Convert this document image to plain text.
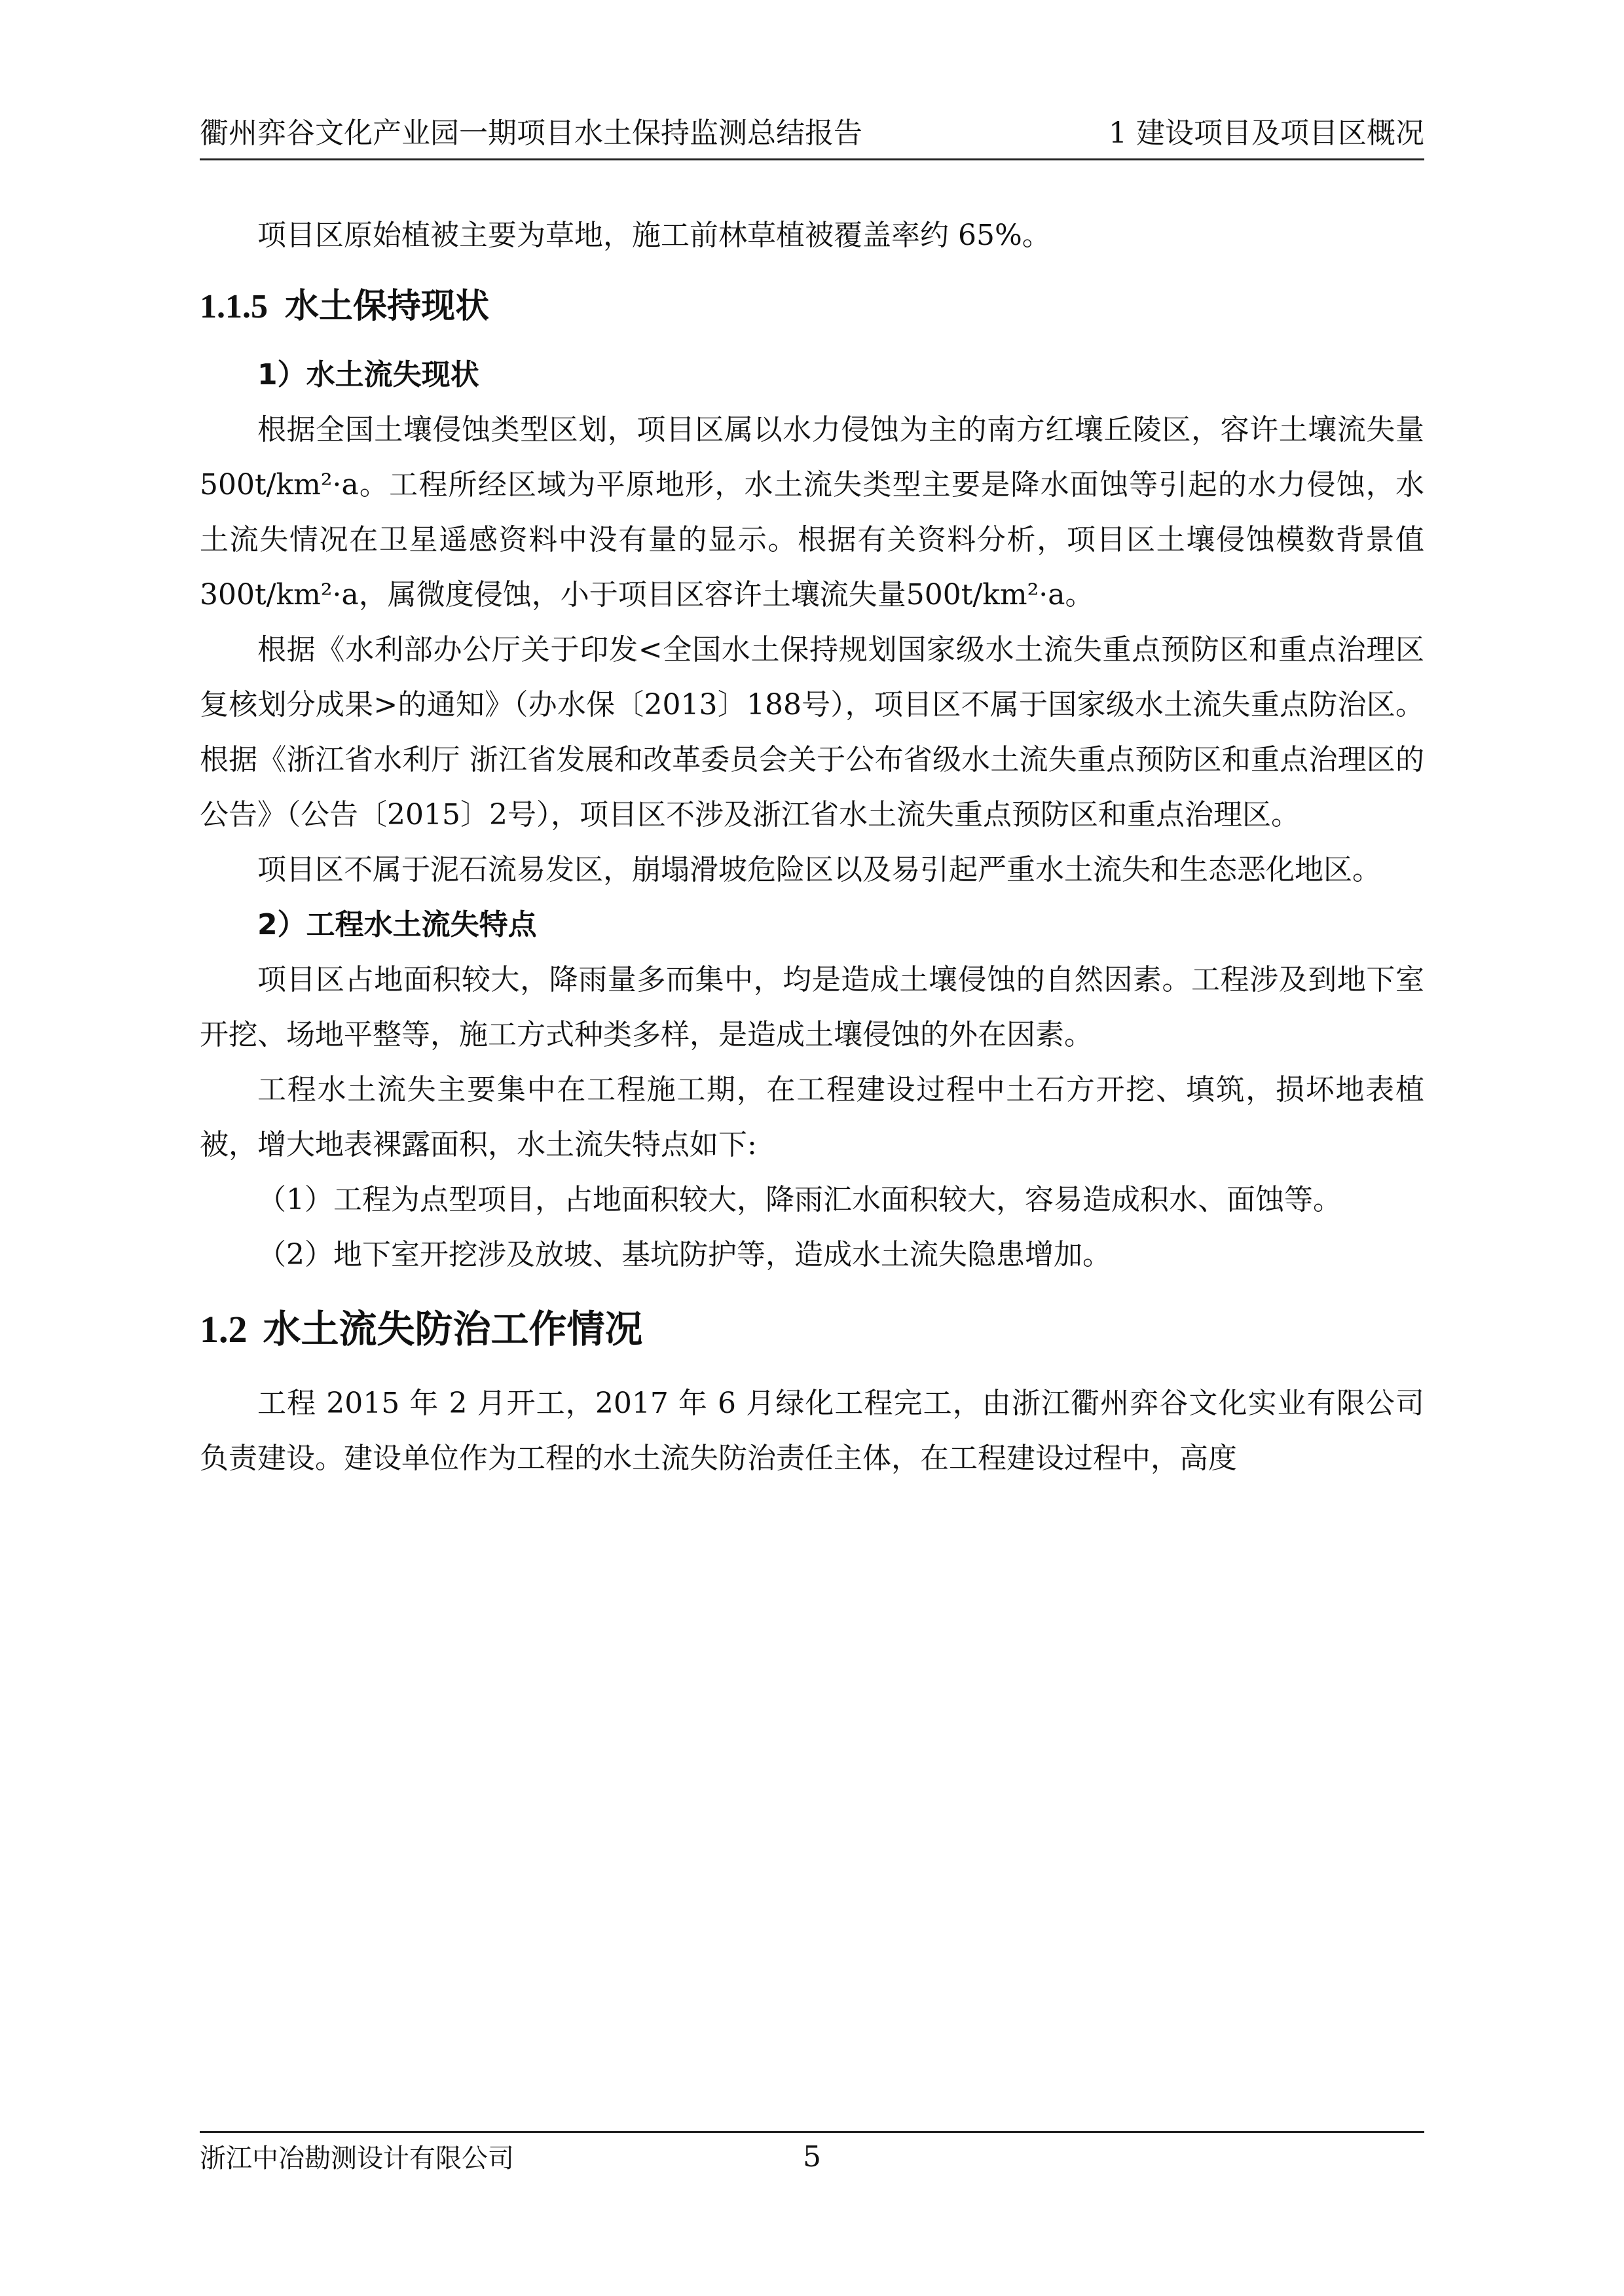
衢州弈谷文化产业园一期项目水土保持监测总结报告	1 建设项目及项目区概况

项目区原始植被主要为草地，施工前林草植被覆盖率约 65%。

1.1.5 水土保持现状

1）水土流失现状

根据全国土壤侵蚀类型区划，项目区属以水力侵蚀为主的南方红壤丘陵区，容许土壤流失量500t/km²·a。工程所经区域为平原地形，水土流失类型主要是降水面蚀等引起的水力侵蚀，水土流失情况在卫星遥感资料中没有量的显示。根据有关资料分析，项目区土壤侵蚀模数背景值300t/km²·a，属微度侵蚀，小于项目区容许土壤流失量500t/km²·a。

根据《水利部办公厅关于印发<全国水土保持规划国家级水土流失重点预防区和重点治理区复核划分成果>的通知》（办水保〔2013〕188号），项目区不属于国家级水土流失重点防治区。根据《浙江省水利厅 浙江省发展和改革委员会关于公布省级水土流失重点预防区和重点治理区的公告》（公告〔2015〕2号），项目区不涉及浙江省水土流失重点预防区和重点治理区。

项目区不属于泥石流易发区，崩塌滑坡危险区以及易引起严重水土流失和生态恶化地区。

2）工程水土流失特点

项目区占地面积较大，降雨量多而集中，均是造成土壤侵蚀的自然因素。工程涉及到地下室开挖、场地平整等，施工方式种类多样，是造成土壤侵蚀的外在因素。

工程水土流失主要集中在工程施工期，在工程建设过程中土石方开挖、填筑，损坏地表植被，增大地表裸露面积，水土流失特点如下:

（1）工程为点型项目，占地面积较大，降雨汇水面积较大，容易造成积水、面蚀等。

（2）地下室开挖涉及放坡、基坑防护等，造成水土流失隐患增加。

1.2 水土流失防治工作情况

工程 2015 年 2 月开工，2017 年 6 月绿化工程完工，由浙江衢州弈谷文化实业有限公司负责建设。建设单位作为工程的水土流失防治责任主体，在工程建设过程中，高度

浙江中冶勘测设计有限公司	5
